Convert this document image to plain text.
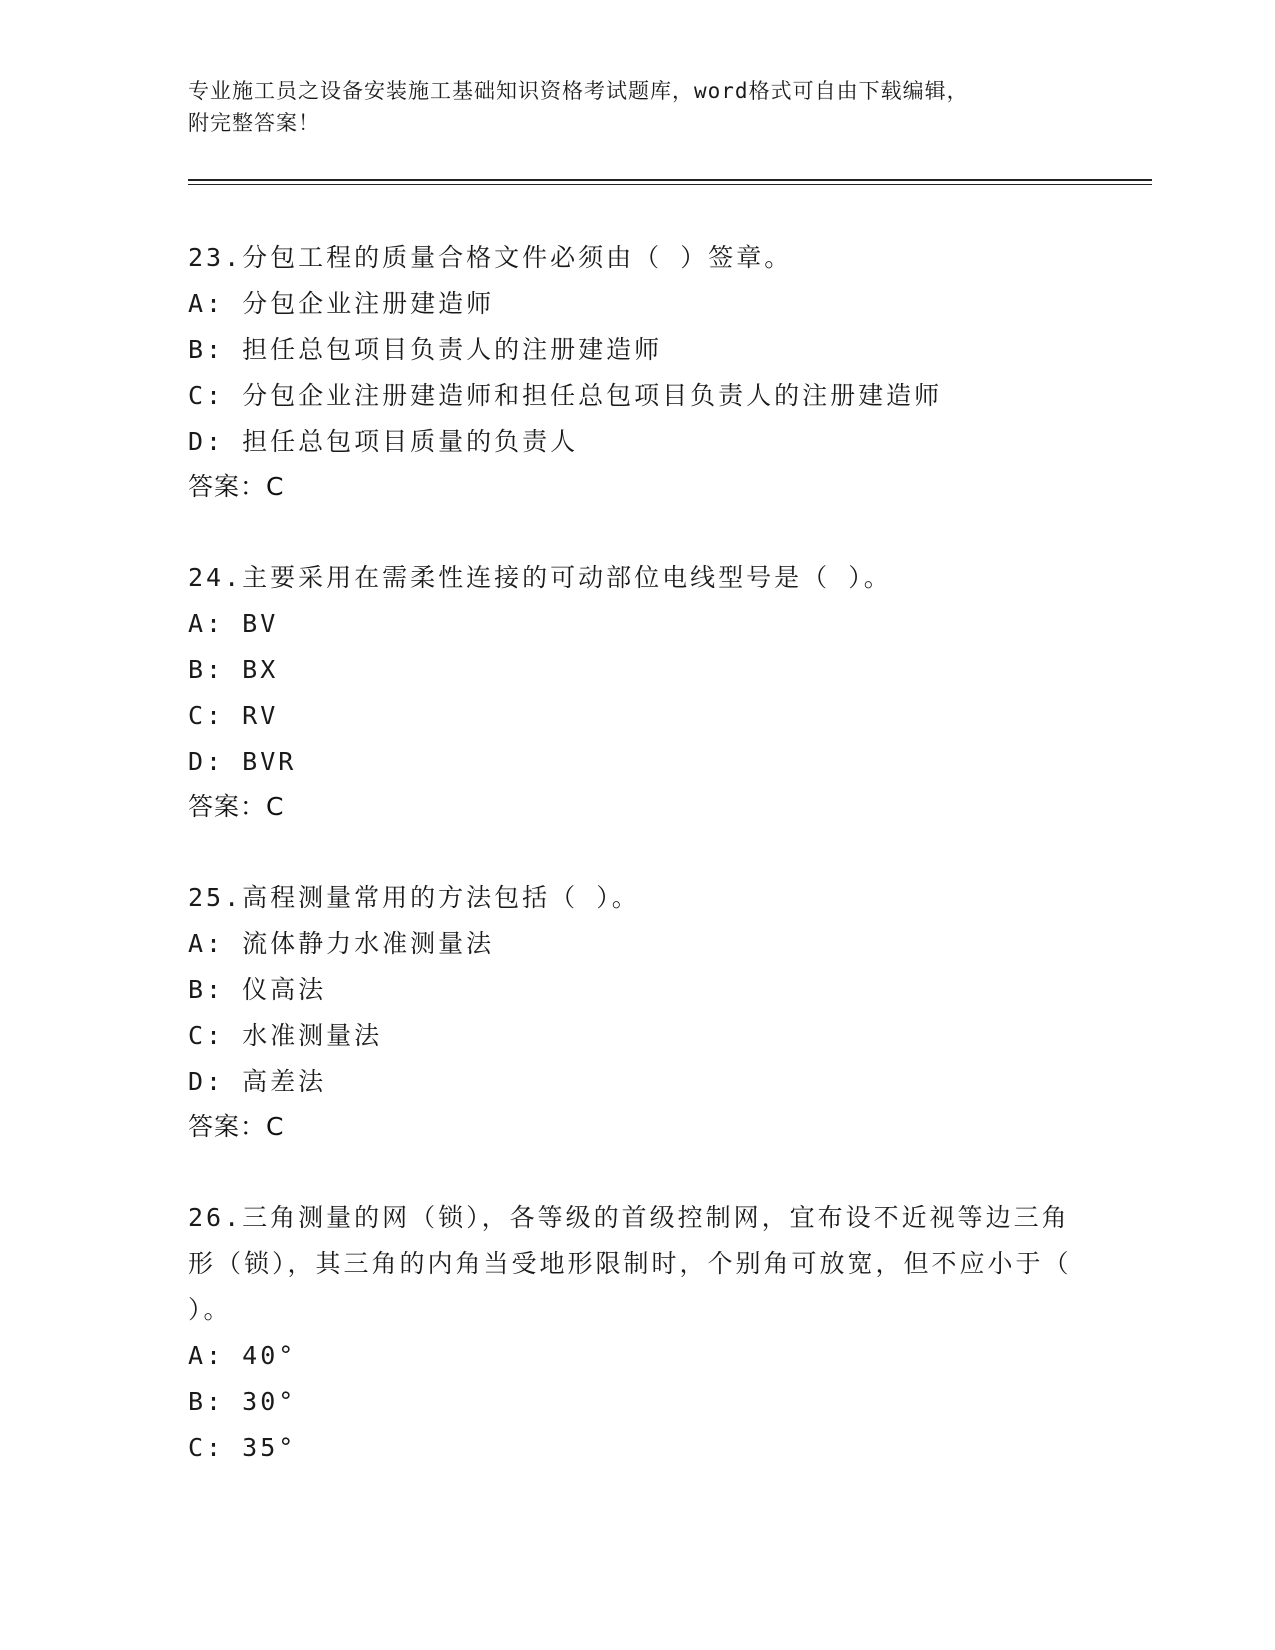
专业施工员之设备安装施工基础知识资格考试题库，word格式可自由下载编辑，
附完整答案！
23.分包工程的质量合格文件必须由（ ）签章。
A: 分包企业注册建造师
B: 担任总包项目负责人的注册建造师
C: 分包企业注册建造师和担任总包项目负责人的注册建造师
D: 担任总包项目质量的负责人
答案：C
24.主要采用在需柔性连接的可动部位电线型号是（ ）。
A: BV
B: BX
C: RV
D: BVR
答案：C
25.高程测量常用的方法包括（ ）。
A: 流体静力水准测量法
B: 仪高法
C: 水准测量法
D: 高差法
答案：C
26.三角测量的网（锁），各等级的首级控制网，宜布设不近视等边三角形（锁），其三角的内角当受地形限制时，个别角可放宽，但不应小于（ ）。
A: 40°
B: 30°
C: 35°
